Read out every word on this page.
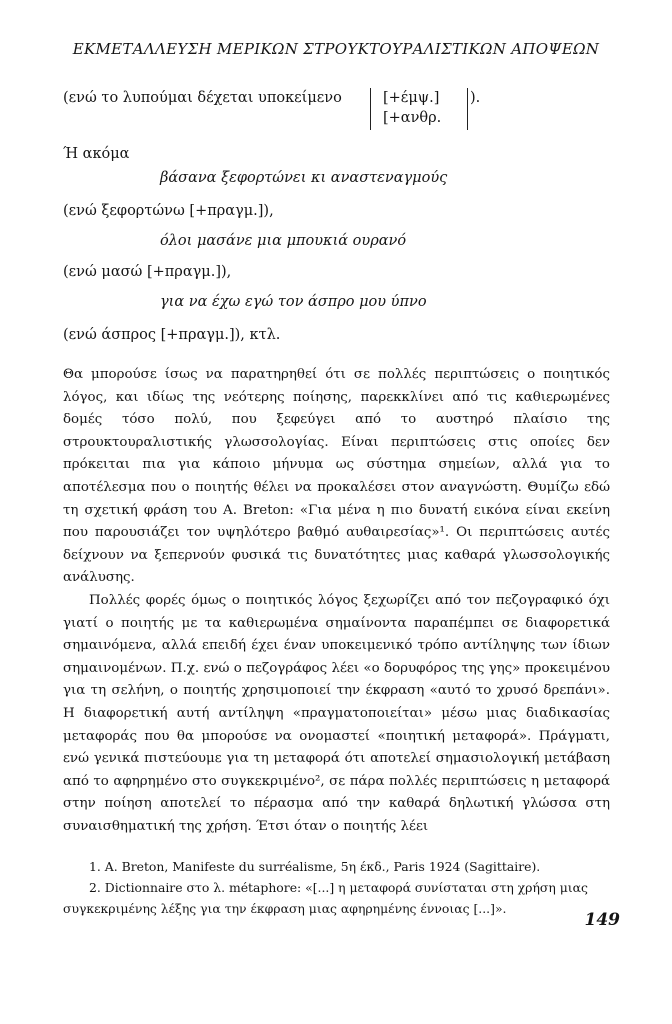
ΕΚΜΕΤΑΛΛΕΥΣΗ ΜΕΡΙΚΩΝ ΣΤΡΟΥΚΤΟΥΡΑΛΙΣΤΙΚΩΝ ΑΠΟΨΕΩΝ
(ενώ το λυπούμαι δέχεται υποκείμενο	[+έμψ.]
[+ανθρ.
).
Ή ακόμα
βάσανα ξεφορτώνει κι αναστεναγμούς
(ενώ ξεφορτώνω [+πραγμ.]),
όλοι μασάνε μια μπουκιά ουρανό
(ενώ μασώ [+πραγμ.]),
για να έχω εγώ τον άσπρο μου ύπνο
(ενώ άσπρος [+πραγμ.]), κτλ.

Θα μπορούσε ίσως να παρατηρηθεί ότι σε πολλές περιπτώσεις ο ποιητικός λόγος, και ιδίως της νεότερης ποίησης, παρεκκλίνει από τις καθιερωμένες δομές τόσο πολύ, που ξεφεύγει από το αυστηρό πλαίσιο της στρουκτουραλιστικής γλωσσολογίας. Είναι περιπτώσεις στις οποίες δεν πρόκειται πια για κάποιο μήνυμα ως σύστημα σημείων, αλλά για το αποτέλεσμα που ο ποιητής θέλει να προκαλέσει στον αναγνώστη. Θυμίζω εδώ τη σχετική φράση του A. Breton: «Για μένα η πιο δυνατή εικόνα είναι εκείνη που παρουσιάζει τον υψηλότερο βαθμό αυθαιρεσίας»¹. Οι περιπτώσεις αυτές δείχνουν να ξεπερνούν φυσικά τις δυνατότητες μιας καθαρά γλωσσολογικής ανάλυσης.

Πολλές φορές όμως ο ποιητικός λόγος ξεχωρίζει από τον πεζογραφικό όχι γιατί ο ποιητής με τα καθιερωμένα σημαίνοντα παραπέμπει σε διαφορετικά σημαινόμενα, αλλά επειδή έχει έναν υποκειμενικό τρόπο αντίληψης των ίδιων σημαινομένων. Π.χ. ενώ ο πεζογράφος λέει «ο δορυφόρος της γης» προκειμένου για τη σελήνη, ο ποιητής χρησιμοποιεί την έκφραση «αυτό το χρυσό δρεπάνι». Η διαφορετική αυτή αντίληψη «πραγματοποιείται» μέσω μιας διαδικασίας μεταφοράς που θα μπορούσε να ονομαστεί «ποιητική μεταφορά». Πράγματι, ενώ γενικά πιστεύουμε για τη μεταφορά ότι αποτελεί σημασιολογική μετάβαση από το αφηρημένο στο συγκεκριμένο², σε πάρα πολλές περιπτώσεις η μεταφορά στην ποίηση αποτελεί το πέρασμα από την καθαρά δηλωτική γλώσσα στη συναισθηματική της χρήση. Έτσι όταν ο ποιητής λέει

1. A. Breton, Manifeste du surréalisme, 5η έκδ., Paris 1924 (Sagittaire).
2. Dictionnaire στο λ. métaphore: «[...] η μεταφορά συνίσταται στη χρήση μιας συγκεκριμένης λέξης για την έκφραση μιας αφηρημένης έννοιας [...]».
149
